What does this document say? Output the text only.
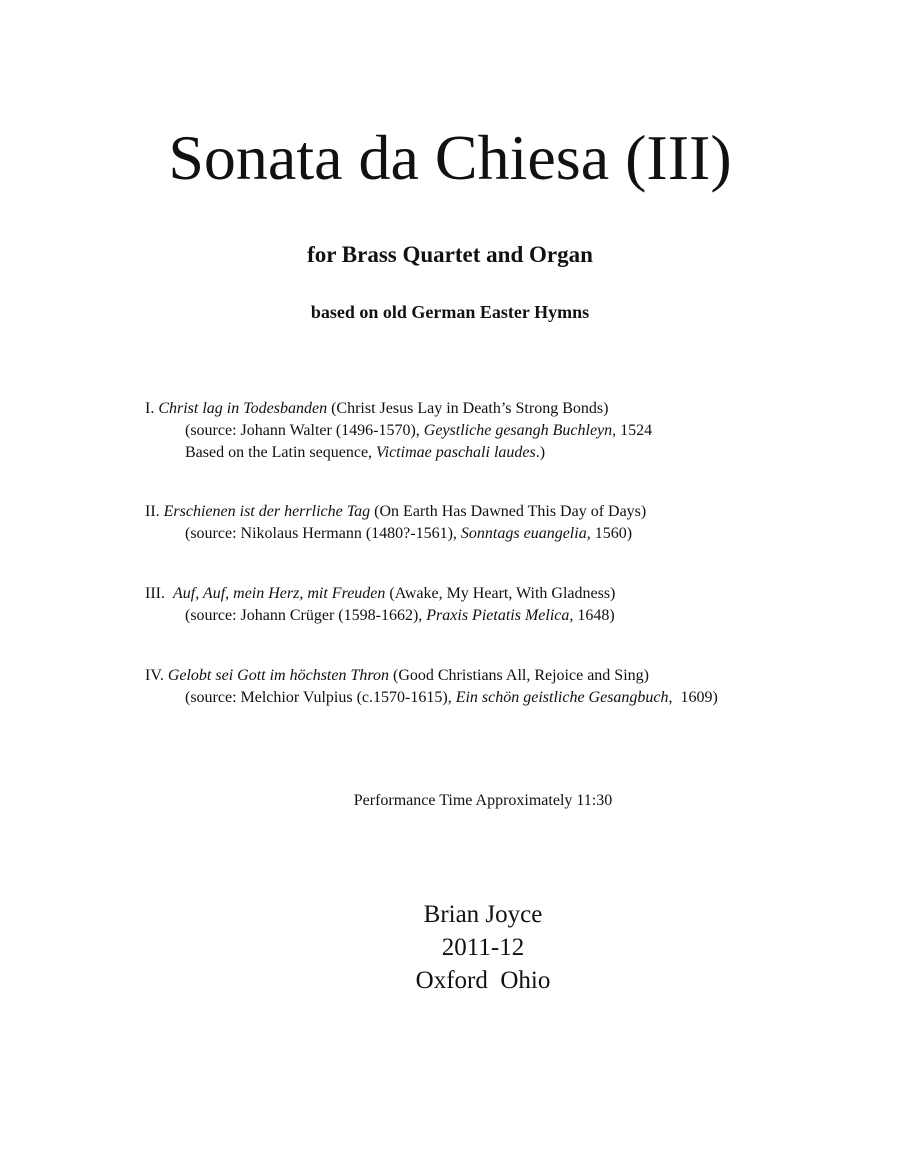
Sonata da Chiesa (III)
for Brass Quartet and Organ
based on old German Easter Hymns
I. Christ lag in Todesbanden (Christ Jesus Lay in Death’s Strong Bonds)
(source: Johann Walter (1496-1570), Geystliche gesangh Buchleyn, 1524
Based on the Latin sequence, Victimae paschali laudes.)
II. Erschienen ist der herrliche Tag (On Earth Has Dawned This Day of Days)
(source: Nikolaus Hermann (1480?-1561), Sonntags euangelia, 1560)
III. Auf, Auf, mein Herz, mit Freuden (Awake, My Heart, With Gladness)
(source: Johann Crüger (1598-1662), Praxis Pietatis Melica, 1648)
IV. Gelobt sei Gott im höchsten Thron (Good Christians All, Rejoice and Sing)
(source: Melchior Vulpius (c.1570-1615), Ein schön geistliche Gesangbuch,  1609)
Performance Time Approximately 11:30
Brian Joyce
2011-12
Oxford  Ohio
